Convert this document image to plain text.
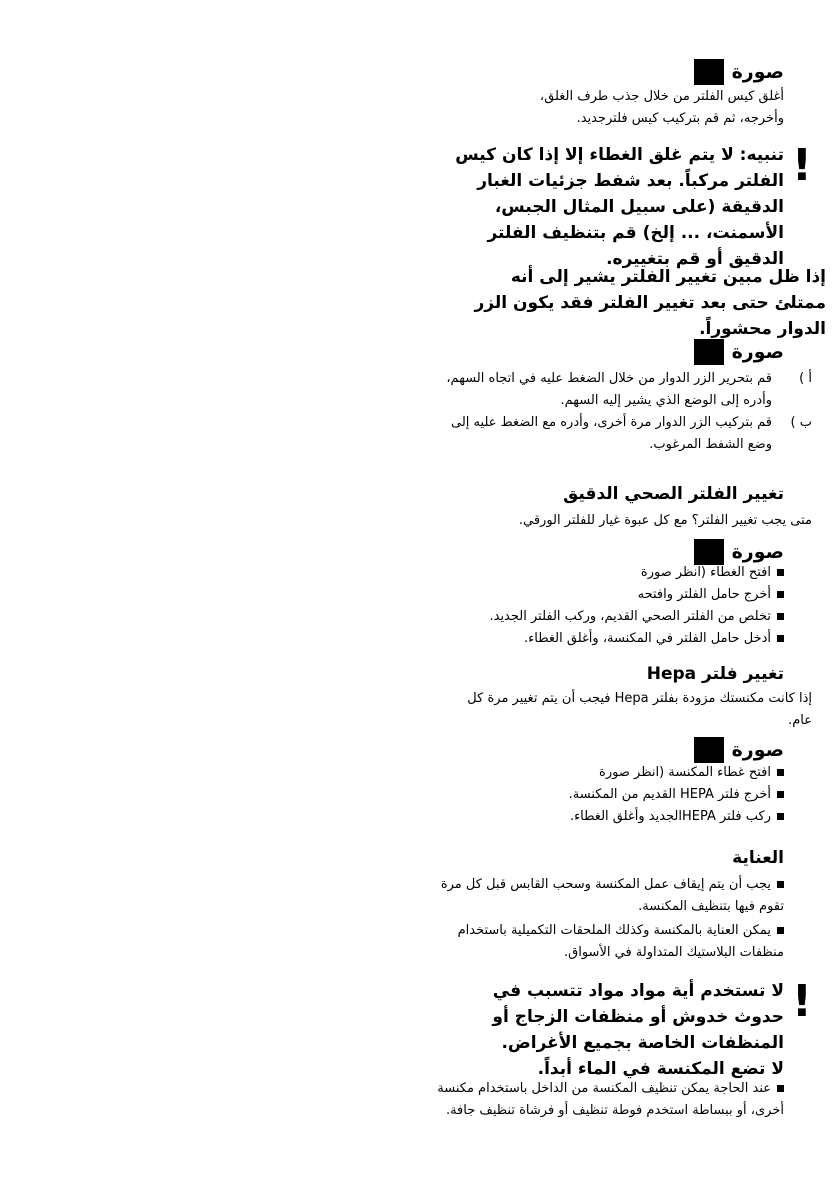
صورة
أغلق كيس الفلتر من خلال جذب طرف الغلق،
وأخرجه، ثم قم بتركيب كيس فلترجديد.
!
تنبيه: لا يتم غلق الغطاء إلا إذا كان كيس الفلتر مركباً. بعد شفط جزئيات الغبار الدقيقة (على سبيل المثال الجبس، الأسمنت، ... إلخ) قم بتنظيف الفلتر الدقيق أو قم بتغييره.
إذا ظل مبين تغيير الفلتر يشير إلى أنه ممتلئ حتى بعد تغيير الفلتر فقد يكون الزر الدوار محشوراً.
صورة
أ )
قم بتحرير الزر الدوار من خلال الضغط عليه في اتجاه السهم، وأدره إلى الوضع الذي يشير إليه السهم.
ب )
قم بتركيب الزر الدوار مرة أخرى، وأدره مع الضغط عليه إلى وضع الشفط المرغوب.
تغيير الفلتر الصحي الدقيق
متى يجب تغيير الفلتر؟ مع كل عبوة غيار للفلتر الورقي.
صورة
افتح الغطاء (انظر صورة
أخرج حامل الفلتر وافتحه
تخلص من الفلتر الصحي القديم، وركب الفلتر الجديد.
أدخل حامل الفلتر في المكنسة، وأغلق الغطاء.
تغيير فلتر Hepa
إذا كانت مكنستك مزودة بفلتر Hepa فيجب أن يتم تغيير مرة كل عام.
صورة
افتح غطاء المكنسة (انظر صورة
أخرج فلتر HEPA القديم من المكنسة.
ركب فلتر HEPAالجديد وأغلق الغطاء.
العناية
يجب أن يتم إيقاف عمل المكنسة وسحب القابس قبل كل مرة تقوم فيها بتنظيف المكنسة.
يمكن العناية بالمكنسة وكذلك الملحقات التكميلية باستخدام منظفات البلاستيك المتداولة في الأسواق.
!
لا تستخدم أية مواد مواد تتسبب في حدوث خدوش أو منظفات الزجاج أو المنظفات الخاصة بجميع الأغراض.
لا تضع المكنسة في الماء أبداً.
عند الحاجة يمكن تنظيف المكنسة من الداخل باستخدام مكنسة أخرى، أو ببساطة استخدم فوطة تنظيف أو فرشاة تنظيف جافة.
